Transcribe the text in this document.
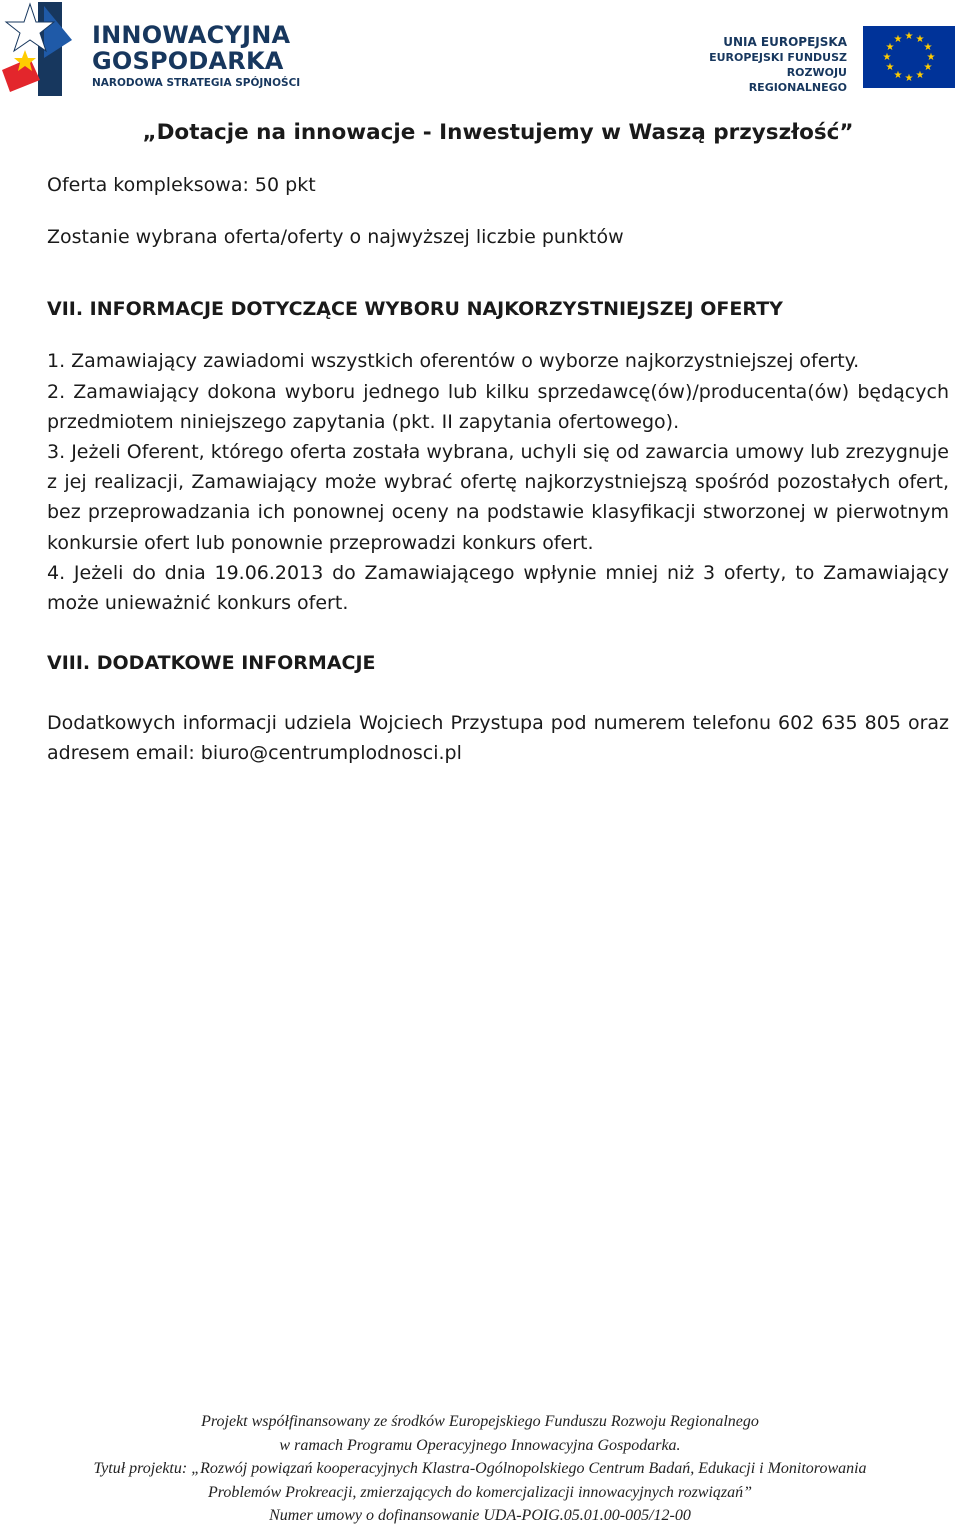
INNOWACYJNA
GOSPODARKA
NARODOWA STRATEGIA SPÓJNOŚCI
UNIA EUROPEJSKA
EUROPEJSKI FUNDUSZ
ROZWOJU REGIONALNEGO
★ ★
★
★
★
★
★
★
★
★
★
★
„Dotacje na innowacje - Inwestujemy w Waszą przyszłość”

Oferta kompleksowa: 50 pkt

Zostanie wybrana oferta/oferty o najwyższej liczbie punktów

VII. INFORMACJE DOTYCZĄCE WYBORU NAJKORZYSTNIEJSZEJ OFERTY

1. Zamawiający zawiadomi wszystkich oferentów o wyborze najkorzystniejszej oferty.

2. Zamawiający dokona wyboru jednego lub kilku sprzedawcę(ów)/producenta(ów) będących przedmiotem niniejszego zapytania (pkt. II zapytania ofertowego).

3. Jeżeli Oferent, którego oferta została wybrana, uchyli się od zawarcia umowy lub zrezygnuje z jej realizacji, Zamawiający może wybrać ofertę najkorzystniejszą spośród pozostałych ofert, bez przeprowadzania ich ponownej oceny na podstawie klasyfikacji stworzonej w pierwotnym konkursie ofert lub ponownie przeprowadzi konkurs ofert.

4. Jeżeli do dnia 19.06.2013 do Zamawiającego wpłynie mniej niż 3 oferty, to Zamawiający może unieważnić konkurs ofert.

VIII. DODATKOWE INFORMACJE

Dodatkowych informacji udziela Wojciech Przystupa pod numerem telefonu 602 635 805 oraz adresem email: biuro@centrumplodnosci.pl

Projekt współfinansowany ze środków Europejskiego Funduszu Rozwoju Regionalnego
w ramach Programu Operacyjnego Innowacyjna Gospodarka.
Tytuł projektu: „Rozwój powiązań kooperacyjnych Klastra-Ogólnopolskiego Centrum Badań, Edukacji i Monitorowania
Problemów Prokreacji, zmierzających do komercjalizacji innowacyjnych rozwiązań”
Numer umowy o dofinansowanie UDA-POIG.05.01.00-005/12-00
